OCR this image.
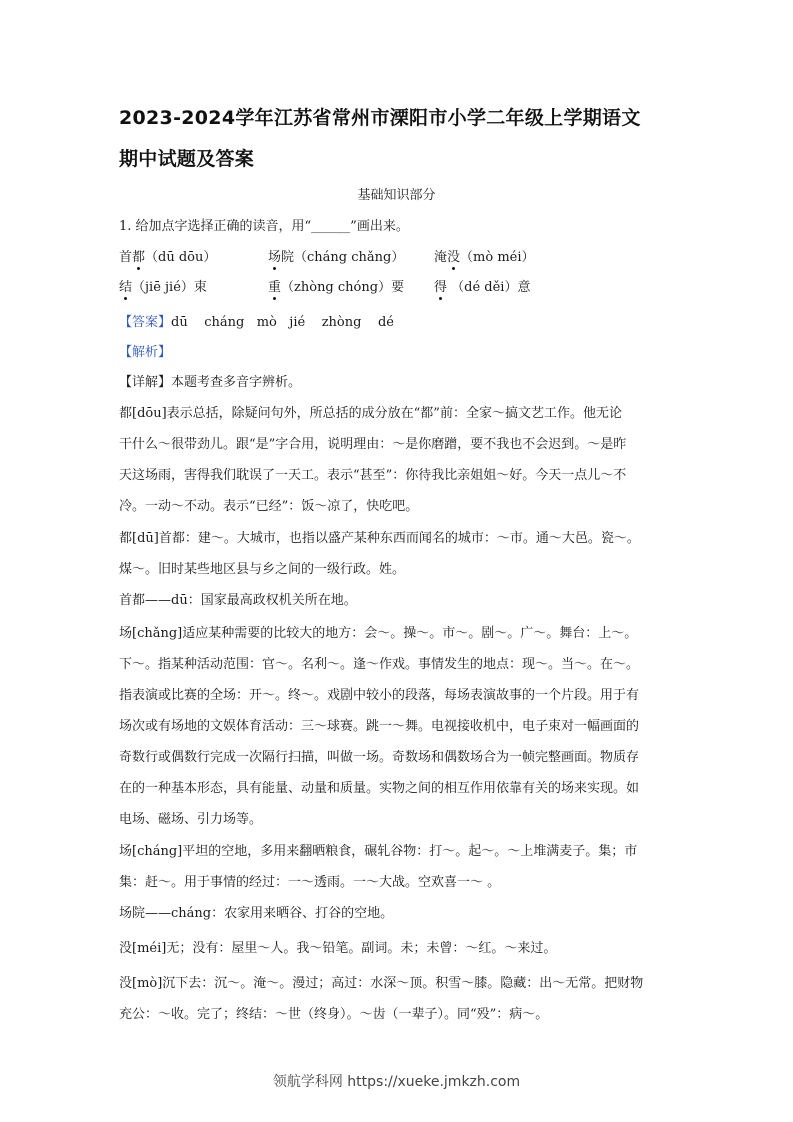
2023-2024学年江苏省常州市溧阳市小学二年级上学期语文
期中试题及答案
基础知识部分
1. 给加点字选择正确的读音，用“______”画出来。
首都（dū dōu）	场院（cháng chǎng） 淹没（mò méi）
结（jiē jié）束	重（zhòng chóng）要 得 （dé děi）意
【答案】dū    cháng   mò   jié    zhòng    dé
【解析】
【详解】本题考查多音字辨析。
都[dōu]表示总括，除疑问句外，所总括的成分放在“都”前：全家～搞文艺工作。他无论
干什么～很带劲儿。跟“是”字合用，说明理由：～是你磨蹭，要不我也不会迟到。～是昨
天这场雨，害得我们耽误了一天工。表示“甚至”：你待我比亲姐姐～好。今天一点儿～不
冷。一动～不动。表示“已经”：饭～凉了，快吃吧。
都[dū]首都：建～。大城市，也指以盛产某种东西而闻名的城市：～市。通～大邑。瓷～。
煤～。旧时某些地区县与乡之间的一级行政。姓。
首都——dū：国家最高政权机关所在地。
场[chǎng]适应某种需要的比较大的地方：会～。操～。市～。剧～。广～。舞台：上～。
下～。指某种活动范围：官～。名利～。逢～作戏。事情发生的地点：现～。当～。在～。
指表演或比赛的全场：开～。终～。戏剧中较小的段落，每场表演故事的一个片段。用于有
场次或有场地的文娱体育活动：三～球赛。跳一～舞。电视接收机中，电子束对一幅画面的
奇数行或偶数行完成一次隔行扫描，叫做一场。奇数场和偶数场合为一帧完整画面。物质存
在的一种基本形态，具有能量、动量和质量。实物之间的相互作用依靠有关的场来实现。如
电场、磁场、引力场等。
场[cháng]平坦的空地，多用来翻晒粮食，碾轧谷物：打～。起～。～上堆满麦子。集；市
集：赶～。用于事情的经过：一～透雨。一～大战。空欢喜一～ 。
场院——cháng：农家用来晒谷、打谷的空地。
没[méi]无；没有：屋里～人。我～铅笔。副词。未；未曾：～红。～来过。
没[mò]沉下去：沉～。淹～。漫过；高过：水深～顶。积雪～膝。隐藏：出～无常。把财物
充公：～收。完了；终结：～世（终身）。～齿（一辈子）。同“殁”：病～。
领航学科网 https://xueke.jmkzh.com
